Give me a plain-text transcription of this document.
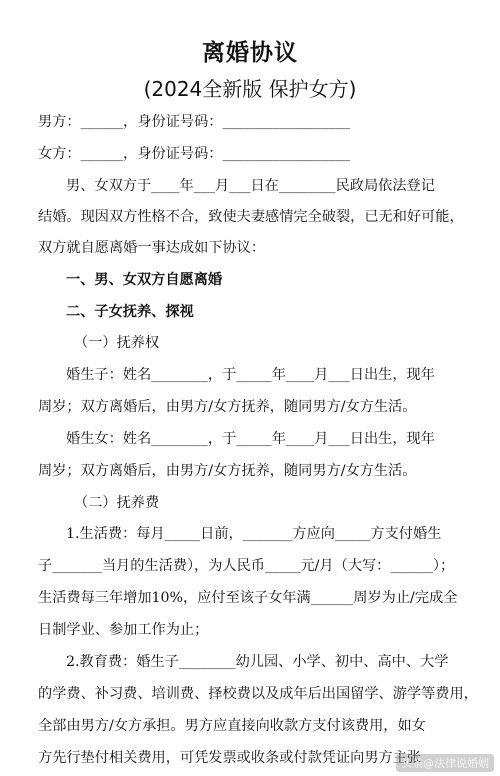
离婚协议
(2024全新版 保护女方)
男方：______，身份证号码：__________________
女方：______，身份证号码：__________________
男、女双方于____年___月___日在________民政局依法登记
结婚。现因双方性格不合，致使夫妻感情完全破裂，已无和好可能，
双方就自愿离婚一事达成如下协议：
一、男、女双方自愿离婚
二、子女抚养、探视
（一）抚养权
婚生子：姓名________，于_____年____月___日出生，现年
周岁；双方离婚后，由男方/女方抚养，随同男方/女方生活。
婚生女：姓名________，于_____年____月___日出生，现年
周岁；双方离婚后，由男方/女方抚养，随同男方/女方生活。
（二）抚养费
1.生活费：每月_____日前，_______方应向_____方支付婚生
子_______当月的生活费），为人民币_____元/月（大写：______）；
生活费每三年增加10%，应付至该子女年满______周岁为止/完成全
日制学业、参加工作为止；
2.教育费：婚生子________幼儿园、小学、初中、高中、大学
的学费、补习费、培训费、择校费以及成年后出国留学、游学等费用，
全部由男方/女方承担。男方应直接向收款方支付该费用，如女
方先行垫付相关费用，可凭发票或收条或付款凭证向男方主张
头条@法律说婚姻
